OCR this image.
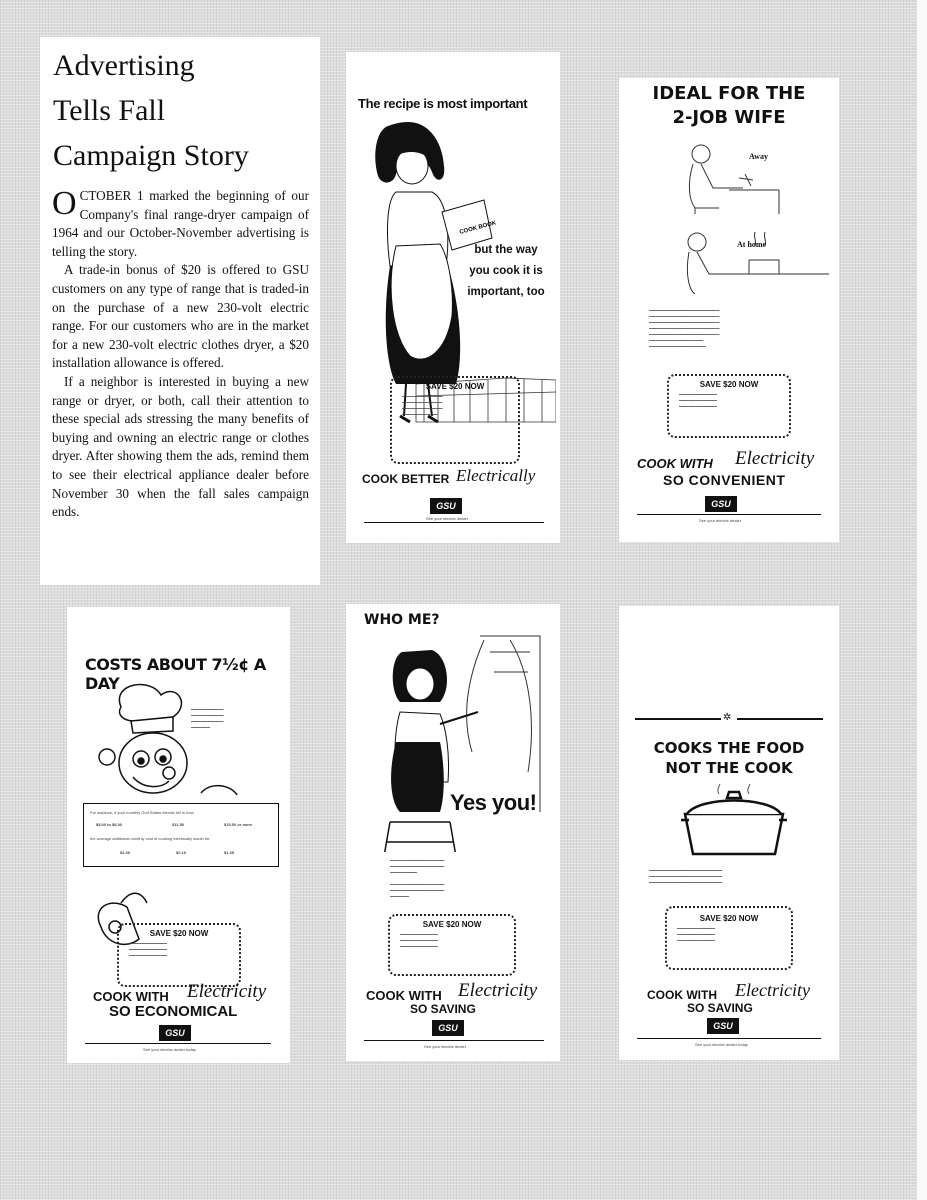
Advertising
Tells Fall
Campaign Story

OCTOBER 1 marked the beginning of our Company's final range-dryer campaign of 1964 and our October-November advertising is telling the story.

A trade-in bonus of $20 is offered to GSU customers on any type of range that is traded-in on the purchase of a new 230-volt electric range. For our customers who are in the market for a new 230-volt electric clothes dryer, a $20 installation allowance is offered.

If a neighbor is interested in buying a new range or dryer, or both, call their attention to these special ads stressing the many benefits of buying and owning an electric range or clothes dryer. After showing them the ads, remind them to see their electrical appliance dealer before November 30 when the fall sales campaign ends.

The recipe is most important
COOK BOOK
but the way
you cook it is
important, too
SAVE $20 NOW
━━━━━━━━━━━━━━━
━━━━━━━━━━━━━━━
━━━━━━━━━━━━━━━
━━━━━━━━━━━━━
COOK BETTER Electrically
GSU
See your electric dealer
IDEAL FOR THE
2-JOB WIFE
Away
At home
━━━━━━━━━━━━━━━━━━━━━━━━━━
━━━━━━━━━━━━━━━━━━━━━━━━━━
━━━━━━━━━━━━━━━━━━━━━━━━━━
━━━━━━━━━━━━━━━━━━━━━━━━━━
━━━━━━━━━━━━━━━━━━━━━━━━━━
━━━━━━━━━━━━━━━━━━━━
━━━━━━━━━━━━━━━━━━━━━
SAVE $20 NOW
━━━━━━━━━━━━━━
━━━━━━━━━━━━━━
━━━━━━━━━━━━━━
COOK WITH Electricity
SO CONVENIENT
GSU
See your electric dealer
COSTS ABOUT 7½¢ A DAY
━━━━━━━━━━━━
━━━━━━━━━━━━
━━━━━━━━━━━━
━━━━━━━
For instance, if your monthly Gulf States electric bill is now:
$5.00 to $8.00	$11.50	$15.50 or more
the average additional monthly cost of cooking electrically would be:
$2.30	$2.10	$1.35
SAVE $20 NOW
━━━━━━━━━━━━━━
━━━━━━━━━━━━━━
━━━━━━━━━━━━━━
COOK WITH Electricity
SO ECONOMICAL
GSU
See your electric dealer today
WHO ME?
Yes you!
━━━━━━━━━━━━━━━━━━━━
━━━━━━━━━━━━━━━━━━━━
━━━━━━━━━━

━━━━━━━━━━━━━━━━━━━━
━━━━━━━━━━━━━━━━━━━━
━━━━━━━
SAVE $20 NOW
━━━━━━━━━━━━━━
━━━━━━━━━━━━━━
━━━━━━━━━━━━━━
COOK WITH Electricity
SO SAVING
GSU
See your electric dealer
✲
COOKS THE FOOD
NOT THE COOK
━━━━━━━━━━━━━━━━━━━━━━━━━━━
━━━━━━━━━━━━━━━━━━━━━━━━━━━
━━━━━━━━━━━━━━━━━━━━━━━━━━━
SAVE $20 NOW
━━━━━━━━━━━━━━
━━━━━━━━━━━━━━
━━━━━━━━━━━━━━
COOK WITH Electricity
SO SAVING
GSU
See your electric dealer today
